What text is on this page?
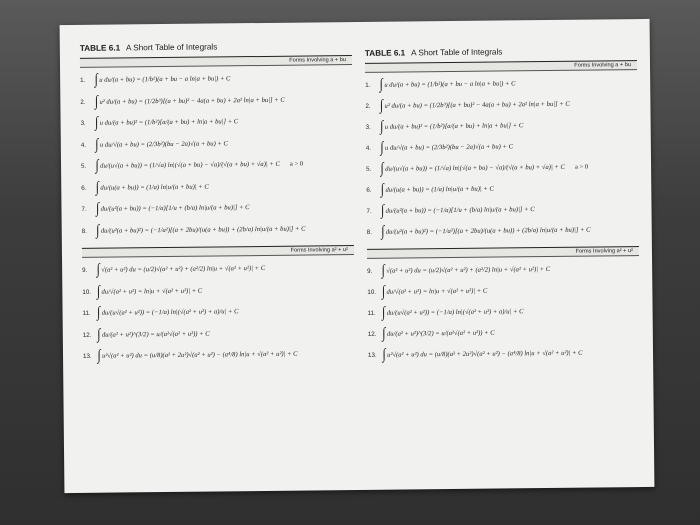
TABLE 6.1 A Short Table of Integrals
Forms Involving a + bu
1. ∫ u du/(a + bu) = (1/b²)(a + bu − a ln|a + bu|) + C
2. ∫ u² du/(a + bu) = (1/2b³)[(a + bu)² − 4a(a + bu) + 2a² ln|a + bu|] + C
3. ∫ u du/(a + bu)² = (1/b²)[a/(a + bu) + ln|a + bu|] + C
4. ∫ u du/√(a + bu) = (2/3b²)(bu − 2a)√(a + bu) + C
5. ∫ du/(u√(a + bu)) = (1/√a) ln|(√(a + bu) − √a)/(√(a + bu) + √a)| + C a > 0
6. ∫ du/(u(a + bu)) = (1/a) ln|u/(a + bu)| + C
7. ∫ du/(u²(a + bu)) = (−1/a)[1/u + (b/a) ln|u/(a + bu)|] + C
8. ∫ du/(u²(a + bu)²) = (−1/a²)[(a + 2bu)/(u(a + bu)) + (2b/a) ln|u/(a + bu)|] + C
Forms Involving a² + u²
9. ∫ √(a² + u²) du = (u/2)√(a² + u²) + (a²/2) ln|u + √(a² + u²)| + C
10. ∫ du/√(a² + u²) = ln|u + √(a² + u²)| + C
11. ∫ du/(u√(a² + u²)) = (−1/a) ln|(√(a² + u²) + a)/u| + C
12. ∫ du/(a² + u²)^(3/2) = u/(a²√(a² + u²)) + C
13. ∫ u²√(a² + u²) du = (u/8)(a² + 2u²)√(a² + u²) − (a⁴/8) ln|u + √(a² + u²)| + C
TABLE 6.1 A Short Table of Integrals
Forms Involving a + bu
1. ∫ u du/(a + bu) = (1/b²)(a + bu − a ln|a + bu|) + C
2. ∫ u² du/(a + bu) = (1/2b³)[(a + bu)² − 4a(a + bu) + 2a² ln|a + bu|] + C
3. ∫ u du/(a + bu)² = (1/b²)[a/(a + bu) + ln|a + bu|] + C
4. ∫ u du/√(a + bu) = (2/3b²)(bu − 2a)√(a + bu) + C
5. ∫ du/(u√(a + bu)) = (1/√a) ln|(√(a + bu) − √a)/(√(a + bu) + √a)| + C a > 0
6. ∫ du/(u(a + bu)) = (1/a) ln|u/(a + bu)| + C
7. ∫ du/(u²(a + bu)) = (−1/a)[1/u + (b/a) ln|u/(a + bu)|] + C
8. ∫ du/(u²(a + bu)²) = (−1/a²)[(a + 2bu)/(u(a + bu)) + (2b/a) ln|u/(a + bu)|] + C
Forms Involving a² + u²
9. ∫ √(a² + u²) du = (u/2)√(a² + u²) + (a²/2) ln|u + √(a² + u²)| + C
10. ∫ du/√(a² + u²) = ln|u + √(a² + u²)| + C
11. ∫ du/(u√(a² + u²)) = (−1/a) ln|(√(a² + u²) + a)/u| + C
12. ∫ du/(a² + u²)^(3/2) = u/(a²√(a² + u²)) + C
13. ∫ u²√(a² + u²) du = (u/8)(a² + 2u²)√(a² + u²) − (a⁴/8) ln|u + √(a² + u²)| + C
